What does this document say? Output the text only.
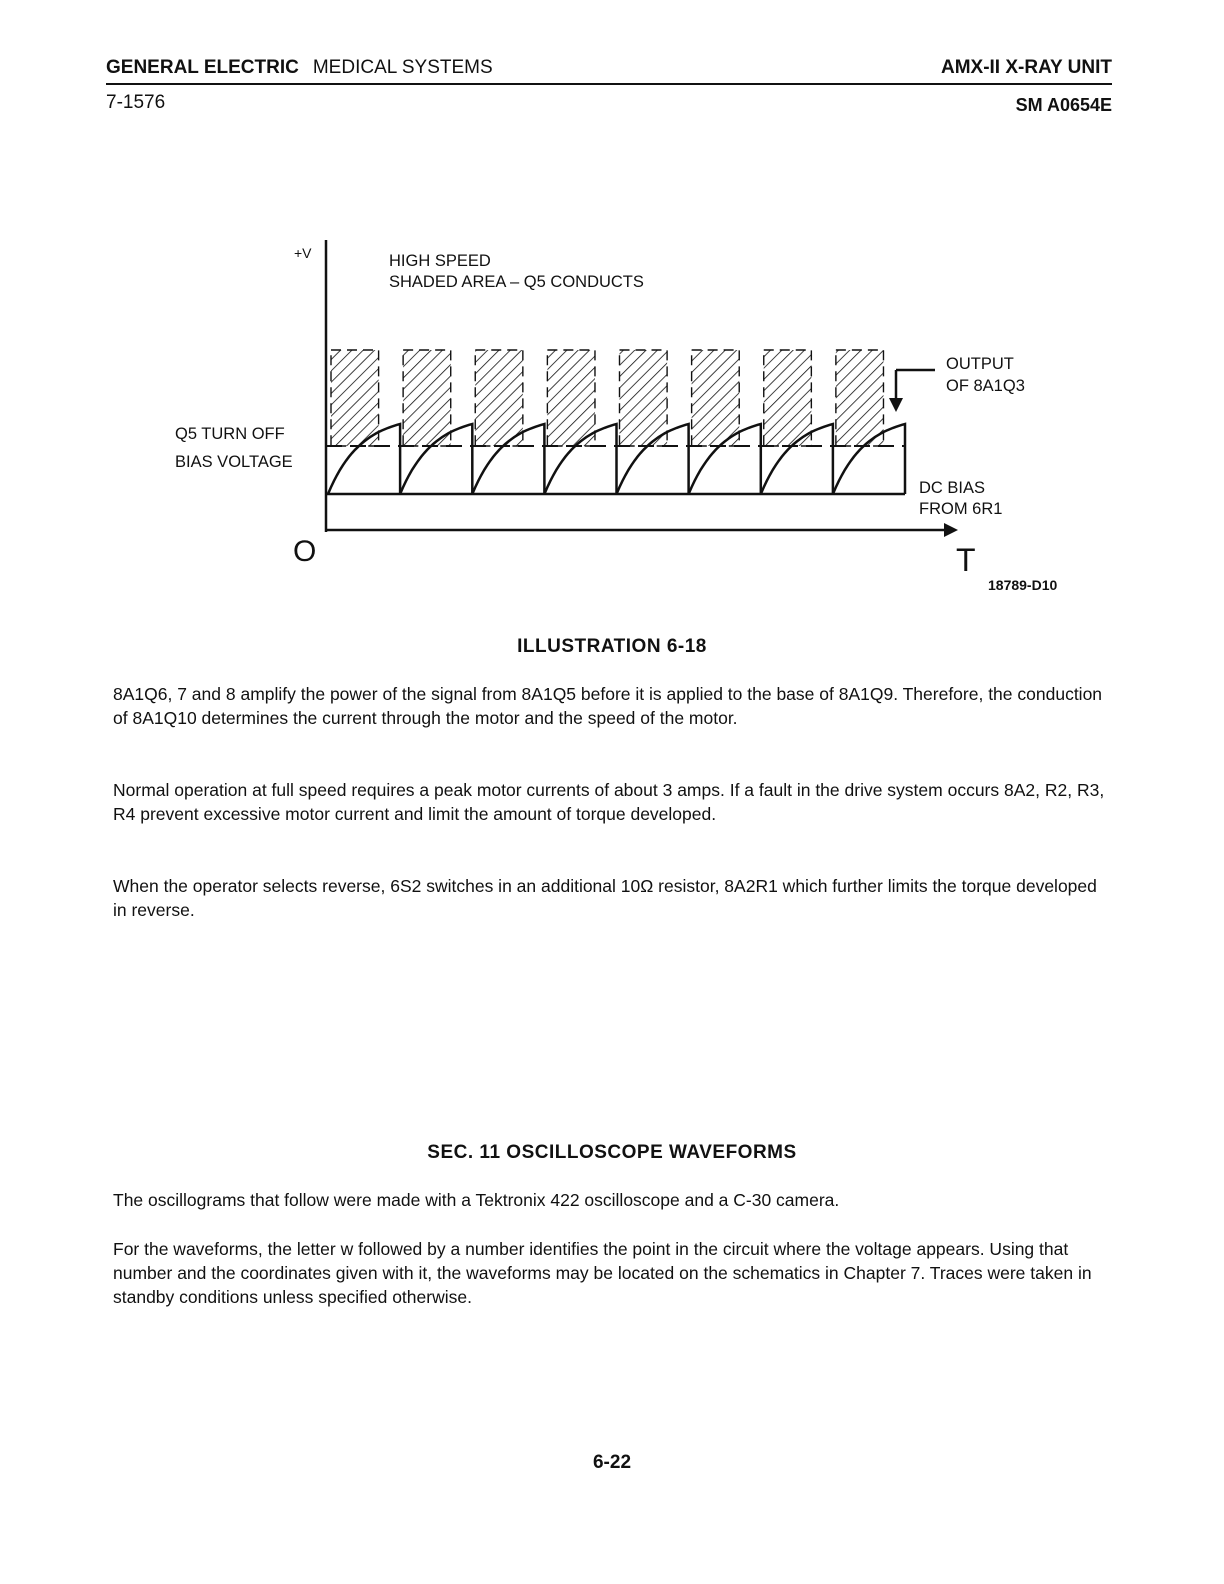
GENERAL ELECTRIC MEDICAL SYSTEMS	AMX-II X-RAY UNIT
7-1576	SM A0654E
+V	HIGH SPEED
SHADED AREA – Q5 CONDUCTS
Q5 TURN OFF
BIAS VOLTAGE
OUTPUT
OF 8A1Q3
DC BIAS
FROM 6R1
O	T
18789-D10
ILLUSTRATION 6-18

8A1Q6, 7 and 8 amplify the power of the signal from 8A1Q5 before it is applied to the base of 8A1Q9. Therefore, the conduction of 8A1Q10 determines the current through the motor and the speed of the motor.

Normal operation at full speed requires a peak motor currents of about 3 amps. If a fault in the drive system occurs 8A2, R2, R3, R4 prevent excessive motor current and limit the amount of torque developed.

When the operator selects reverse, 6S2 switches in an additional 10Ω resistor, 8A2R1 which further limits the torque developed in reverse.

SEC. 11 OSCILLOSCOPE WAVEFORMS

The oscillograms that follow were made with a Tektronix 422 oscilloscope and a C-30 camera.

For the waveforms, the letter w followed by a number identifies the point in the circuit where the voltage appears. Using that number and the coordinates given with it, the waveforms may be located on the schematics in Chapter 7. Traces were taken in standby conditions unless specified otherwise.

6-22
